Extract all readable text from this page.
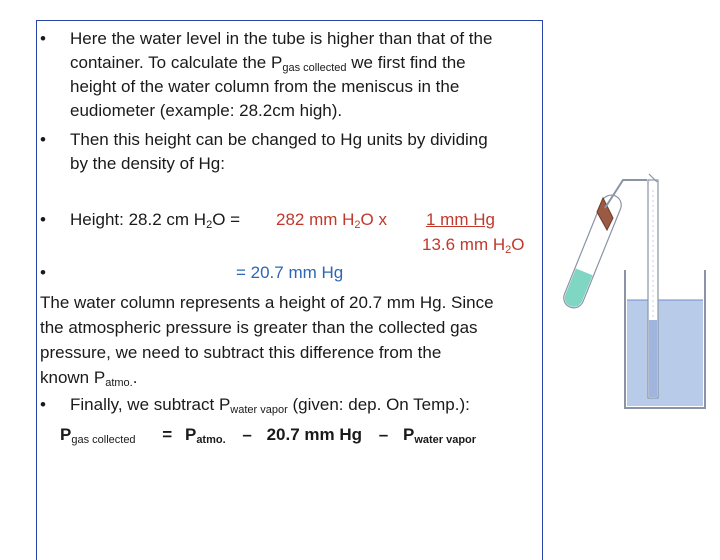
• Here the water level in the tube is higher than that of the
container. To calculate the $P_{gas collected}$ we first find the
height of the water column from the meniscus in the
eudiometer (example: 28.2cm high).
• Then this height can be changed to Hg units by dividing
by the density of Hg:
• Height: 28.2 cm $H_2O = 282$ mm $H_2O$ x 1 mm Hg
13.6 mm $H_2O$
•	= 20.7 mm Hg
The water column represents a height of 20.7 mm Hg. Since
the atmospheric pressure is greater than the collected gas
pressure, we need to subtract this difference from the
known $P_{atmo.}$.
• Finally, we subtract $P_{water vapor}$ (given: dep. On Temp.):
$P_{gas collected} = P_{atmo.} - 20.7$ mm Hg – $P_{water vapor}$
